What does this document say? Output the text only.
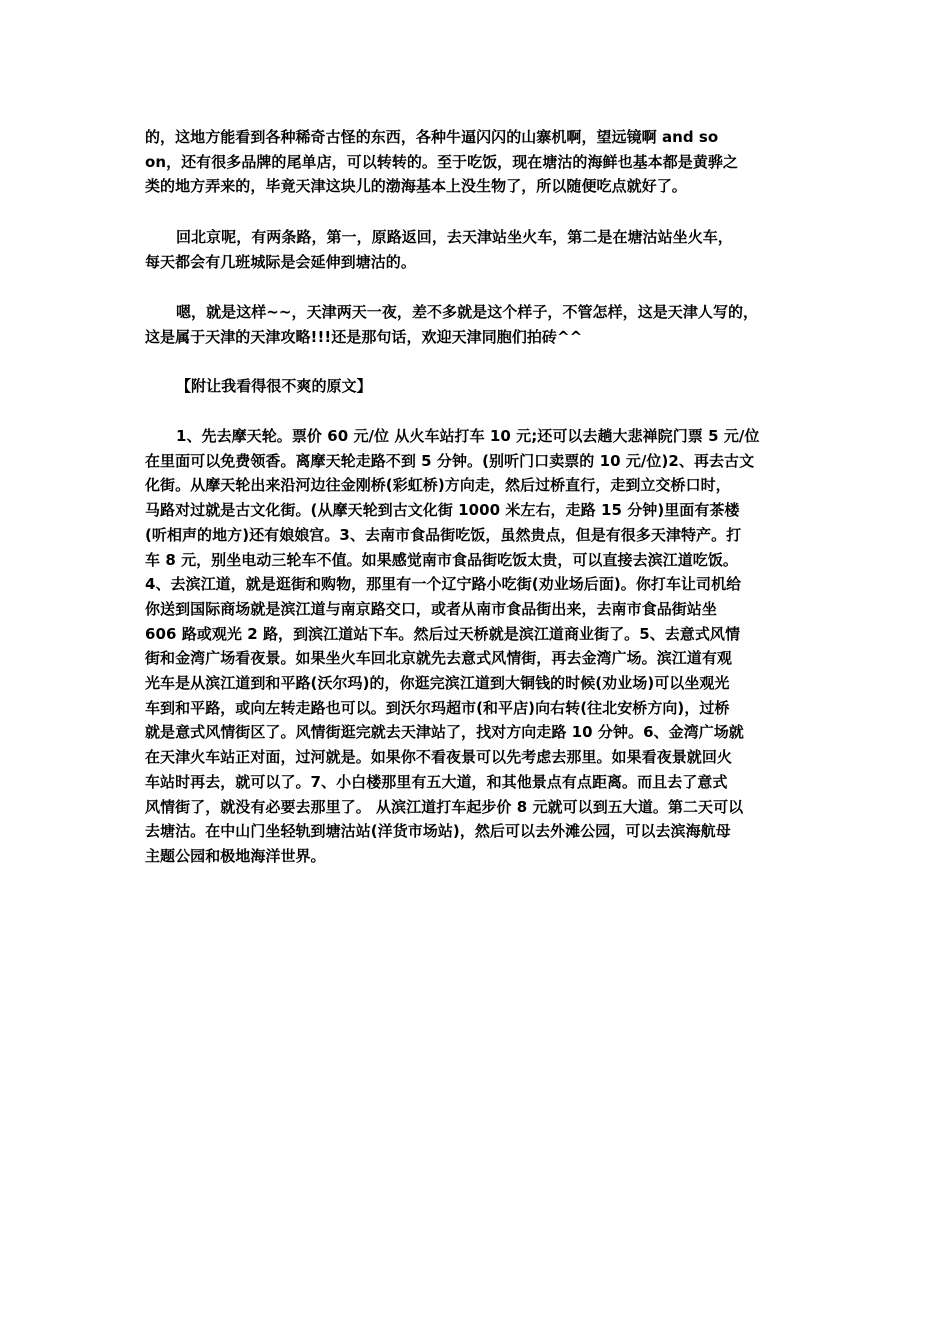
的，这地方能看到各种稀奇古怪的东西，各种牛逼闪闪的山寨机啊，望远镜啊 and so
on，还有很多品牌的尾单店，可以转转的。至于吃饭，现在塘沽的海鲜也基本都是黄骅之
类的地方弄来的，毕竟天津这块儿的渤海基本上没生物了，所以随便吃点就好了。
回北京呢，有两条路，第一，原路返回，去天津站坐火车，第二是在塘沽站坐火车，
每天都会有几班城际是会延伸到塘沽的。
嗯，就是这样~~，天津两天一夜，差不多就是这个样子，不管怎样，这是天津人写的，
这是属于天津的天津攻略!!!还是那句话，欢迎天津同胞们拍砖^^
【附让我看得很不爽的原文】
1、先去摩天轮。票价 60 元/位 从火车站打车 10 元;还可以去趟大悲禅院门票 5 元/位
在里面可以免费领香。离摩天轮走路不到 5 分钟。(别听门口卖票的 10 元/位)2、再去古文
化街。从摩天轮出来沿河边往金刚桥(彩虹桥)方向走，然后过桥直行，走到立交桥口时，
马路对过就是古文化街。(从摩天轮到古文化街 1000 米左右，走路 15 分钟)里面有茶楼
(听相声的地方)还有娘娘宫。3、去南市食品街吃饭，虽然贵点，但是有很多天津特产。打
车 8 元，别坐电动三轮车不值。如果感觉南市食品街吃饭太贵，可以直接去滨江道吃饭。
4、去滨江道，就是逛街和购物，那里有一个辽宁路小吃街(劝业场后面)。你打车让司机给
你送到国际商场就是滨江道与南京路交口，或者从南市食品街出来，去南市食品街站坐
606 路或观光 2 路，到滨江道站下车。然后过天桥就是滨江道商业街了。5、去意式风情
街和金湾广场看夜景。如果坐火车回北京就先去意式风情街，再去金湾广场。滨江道有观
光车是从滨江道到和平路(沃尔玛)的，你逛完滨江道到大铜钱的时候(劝业场)可以坐观光
车到和平路，或向左转走路也可以。到沃尔玛超市(和平店)向右转(往北安桥方向)，过桥
就是意式风情街区了。风情街逛完就去天津站了，找对方向走路 10 分钟。6、金湾广场就
在天津火车站正对面，过河就是。如果你不看夜景可以先考虑去那里。如果看夜景就回火
车站时再去，就可以了。7、小白楼那里有五大道，和其他景点有点距离。而且去了意式
风情街了，就没有必要去那里了。 从滨江道打车起步价 8 元就可以到五大道。第二天可以
去塘沽。在中山门坐轻轨到塘沽站(洋货市场站)，然后可以去外滩公园，可以去滨海航母
主题公园和极地海洋世界。
